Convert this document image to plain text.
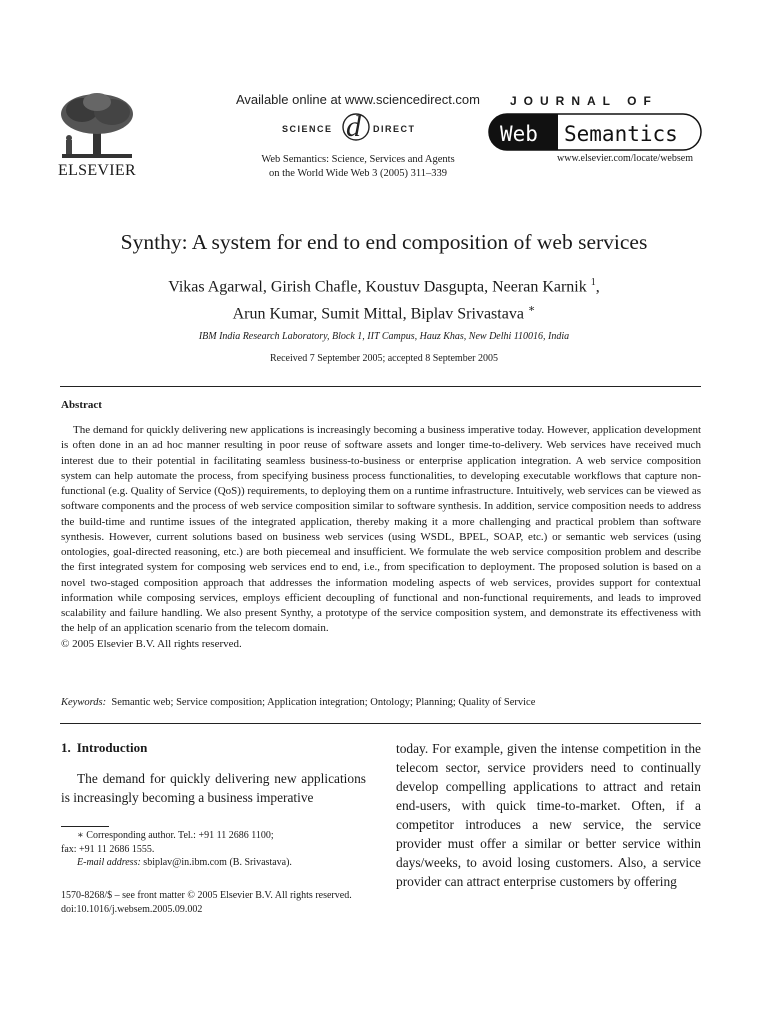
ELSEVIER
Available online at www.sciencedirect.com
SCIENCE d DIRECT
Web Semantics: Science, Services and Agents
on the World Wide Web 3 (2005) 311–339
JOURNAL OF
Web Semantics
www.elsevier.com/locate/websem
Synthy: A system for end to end composition of web services
Vikas Agarwal, Girish Chafle, Koustuv Dasgupta, Neeran Karnik $^1$,
Arun Kumar, Sumit Mittal, Biplav Srivastava ∗
IBM India Research Laboratory, Block 1, IIT Campus, Hauz Khas, New Delhi 110016, India
Received 7 September 2005; accepted 8 September 2005
Abstract

The demand for quickly delivering new applications is increasingly becoming a business imperative today. However, application development is often done in an ad hoc manner resulting in poor reuse of software assets and longer time-to-delivery. Web services have received much interest due to their potential in facilitating seamless business-to-business or enterprise application integration. A web service composition system can help automate the process, from specifying business process functionalities, to developing executable workflows that capture non-functional (e.g. Quality of Service (QoS)) requirements, to deploying them on a runtime infrastructure. Intuitively, web services can be viewed as software components and the process of web service composition similar to software synthesis. In addition, service composition needs to address the build-time and runtime issues of the integrated application, thereby making it a more challenging and practical problem than software synthesis. However, current solutions based on business web services (using WSDL, BPEL, SOAP, etc.) or semantic web services (using ontologies, goal-directed reasoning, etc.) are both piecemeal and insufficient. We formulate the web service composition problem and describe the first integrated system for composing web services end to end, i.e., from specification to deployment. The proposed solution is based on a novel two-staged composition approach that addresses the information modeling aspects of web services, provides support for contextual information while composing services, employs efficient decoupling of functional and non-functional requirements, and leads to improved scalability and failure handling. We also present Synthy, a prototype of the service composition system, and demonstrate its effectiveness with the help of an application scenario from the telecom domain.

© 2005 Elsevier B.V. All rights reserved.

Keywords: Semantic web; Service composition; Application integration; Ontology; Planning; Quality of Service
1. Introduction
The demand for quickly delivering new applications is increasingly becoming a business imperative
∗ Corresponding author. Tel.: +91 11 2686 1100;
fax: +91 11 2686 1555.
E-mail address: sbiplav@in.ibm.com (B. Srivastava).
1570-8268/$ – see front matter © 2005 Elsevier B.V. All rights reserved.
doi:10.1016/j.websem.2005.09.002
today. For example, given the intense competition in the telecom sector, service providers need to continually develop compelling applications to attract and retain end-users, with quick time-to-market. Often, if a competitor introduces a new service, the service provider must offer a similar or better service within days/weeks, to avoid losing customers. Also, a service provider can attract enterprise customers by offering
